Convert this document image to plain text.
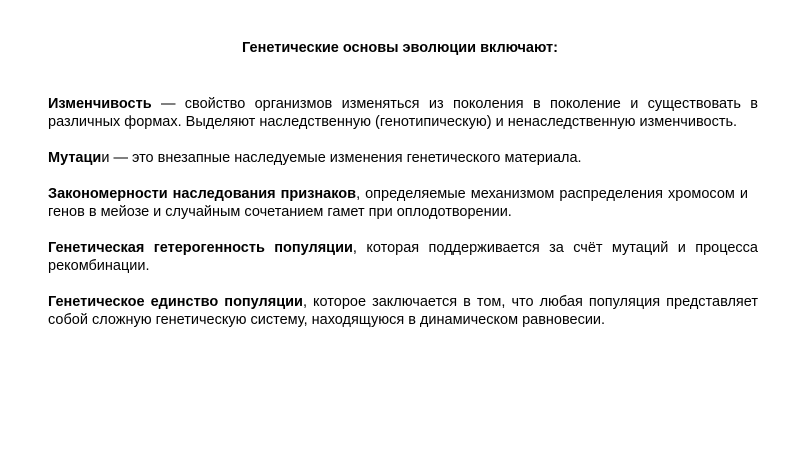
Генетические основы эволюции включают:

Изменчивость — свойство организмов изменяться из поколения в поколение и существовать в различных формах. Выделяют наследственную (генотипическую) и ненаследственную изменчивость.

Мутации — это внезапные наследуемые изменения генетического материала.

Закономерности наследования признаков, определяемые механизмом распределения хромосом и генов в мейозе и случайным сочетанием гамет при оплодотворении.

Генетическая гетерогенность популяции, которая поддерживается за счёт мутаций и процесса рекомбинации.

Генетическое единство популяции, которое заключается в том, что любая популяция представляет собой сложную генетическую систему, находящуюся в динамическом равновесии.
